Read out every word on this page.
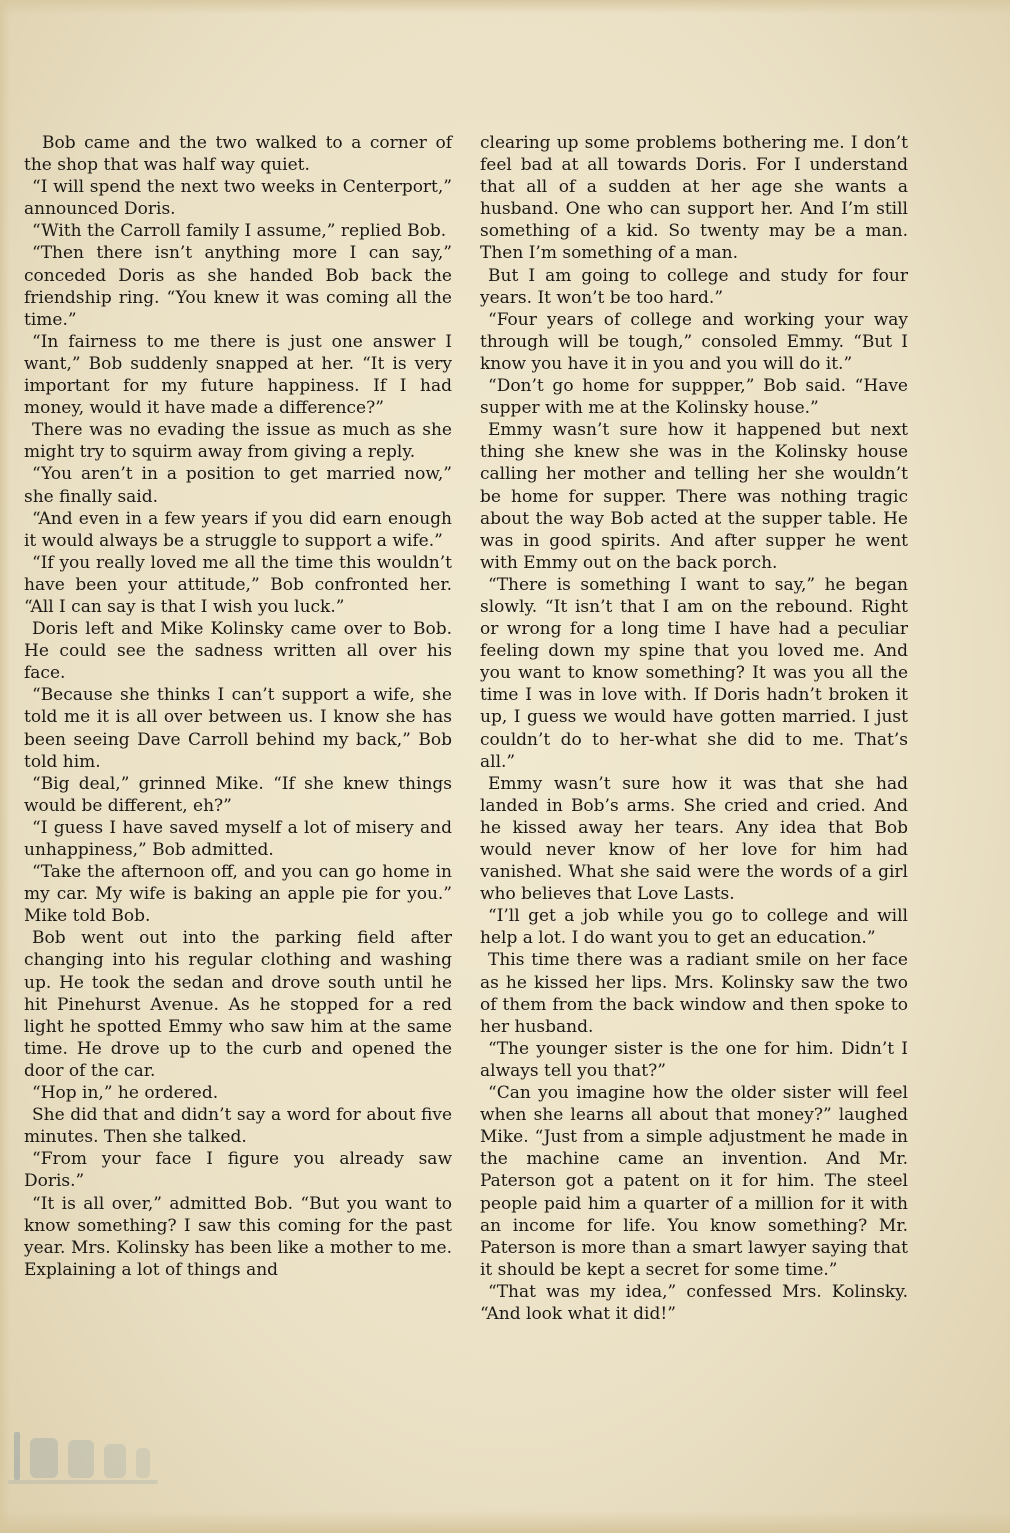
Bob came and the two walked to a corner of the shop that was half way quiet.

“I will spend the next two weeks in Centerport,” announced Doris.

“With the Carroll family I assume,” replied Bob.

“Then there isn’t anything more I can say,” conceded Doris as she handed Bob back the friendship ring. “You knew it was coming all the time.”

“In fairness to me there is just one answer I want,” Bob suddenly snapped at her. “It is very important for my future happiness. If I had money, would it have made a difference?”

There was no evading the issue as much as she might try to squirm away from giving a reply.

“You aren’t in a position to get married now,” she finally said.

“And even in a few years if you did earn enough it would always be a struggle to support a wife.”

“If you really loved me all the time this wouldn’t have been your attitude,” Bob confronted her. “All I can say is that I wish you luck.”

Doris left and Mike Kolinsky came over to Bob. He could see the sadness written all over his face.

“Because she thinks I can’t support a wife, she told me it is all over between us. I know she has been seeing Dave Carroll behind my back,” Bob told him.

“Big deal,” grinned Mike. “If she knew things would be different, eh?”

“I guess I have saved myself a lot of misery and unhappiness,” Bob admitted.

“Take the afternoon off, and you can go home in my car. My wife is baking an apple pie for you.” Mike told Bob.

Bob went out into the parking field after changing into his regular clothing and washing up. He took the sedan and drove south until he hit Pinehurst Avenue. As he stopped for a red light he spotted Emmy who saw him at the same time. He drove up to the curb and opened the door of the car.

“Hop in,” he ordered.

She did that and didn’t say a word for about five minutes. Then she talked.

“From your face I figure you already saw Doris.”

“It is all over,” admitted Bob. “But you want to know something? I saw this coming for the past year. Mrs. Kolinsky has been like a mother to me. Explaining a lot of things and

clearing up some problems bothering me. I don’t feel bad at all towards Doris. For I understand that all of a sudden at her age she wants a husband. One who can support her. And I’m still something of a kid. So twenty may be a man. Then I’m something of a man.

But I am going to college and study for four years. It won’t be too hard.”

“Four years of college and working your way through will be tough,” consoled Emmy. “But I know you have it in you and you will do it.”

“Don’t go home for suppper,” Bob said. “Have supper with me at the Kolinsky house.”

Emmy wasn’t sure how it happened but next thing she knew she was in the Kolinsky house calling her mother and telling her she wouldn’t be home for supper. There was nothing tragic about the way Bob acted at the supper table. He was in good spirits. And after supper he went with Emmy out on the back porch.

“There is something I want to say,” he began slowly. “It isn’t that I am on the rebound. Right or wrong for a long time I have had a peculiar feeling down my spine that you loved me. And you want to know something? It was you all the time I was in love with. If Doris hadn’t broken it up, I guess we would have gotten married. I just couldn’t do to her-what she did to me. That’s all.”

Emmy wasn’t sure how it was that she had landed in Bob’s arms. She cried and cried. And he kissed away her tears. Any idea that Bob would never know of her love for him had vanished. What she said were the words of a girl who believes that Love Lasts.

“I’ll get a job while you go to college and will help a lot. I do want you to get an education.”

This time there was a radiant smile on her face as he kissed her lips. Mrs. Kolinsky saw the two of them from the back window and then spoke to her husband.

“The younger sister is the one for him. Didn’t I always tell you that?”

“Can you imagine how the older sister will feel when she learns all about that money?” laughed Mike. “Just from a simple adjustment he made in the machine came an invention. And Mr. Paterson got a patent on it for him. The steel people paid him a quarter of a million for it with an income for life. You know something? Mr. Paterson is more than a smart lawyer saying that it should be kept a secret for some time.”

“That was my idea,” confessed Mrs. Kolinsky. “And look what it did!”
